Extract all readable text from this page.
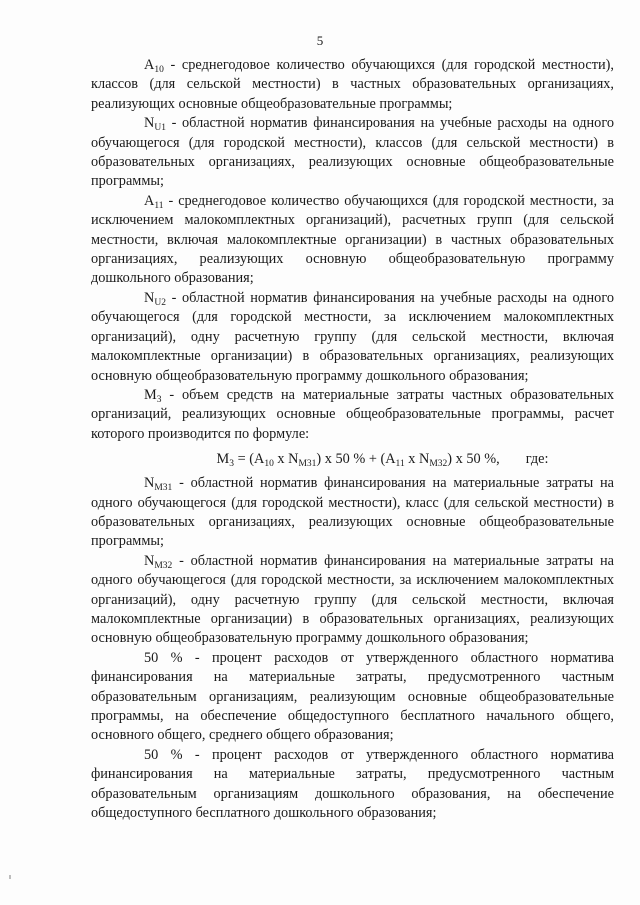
5

$A_{10}$ - среднегодовое количество обучающихся (для городской местности), классов (для сельской местности) в частных образовательных организациях, реализующих основные общеобразовательные программы;

$N_{U1}$ - областной норматив финансирования на учебные расходы на одного обучающегося (для городской местности), классов (для сельской местности) в образовательных организациях, реализующих основные общеобразовательные программы;

$A_{11}$ - среднегодовое количество обучающихся (для городской местности, за исключением малокомплектных организаций), расчетных групп (для сельской местности, включая малокомплектные организации) в частных образовательных организациях, реализующих основную общеобразовательную программу дошкольного образования;

$N_{U2}$ - областной норматив финансирования на учебные расходы на одного обучающегося (для городской местности, за исключением малокомплектных организаций), одну расчетную группу (для сельской местности, включая малокомплектные организации) в образовательных организациях, реализующих основную общеобразовательную программу дошкольного образования;

$M_3$ - объем средств на материальные затраты частных образовательных организаций, реализующих основные общеобразовательные программы, расчет которого производится по формуле:

$M_3 = (A_{10}$ x $N_{M31}$) x 50 % + ($A_{11}$ x $N_{M32}$) x 50 %, где:

$N_{M31}$ - областной норматив финансирования на материальные затраты на одного обучающегося (для городской местности), класс (для сельской местности) в образовательных организациях, реализующих основные общеобразовательные программы;

$N_{M32}$ - областной норматив финансирования на материальные затраты на одного обучающегося (для городской местности, за исключением малокомплектных организаций), одну расчетную группу (для сельской местности, включая малокомплектные организации) в образовательных организациях, реализующих основную общеобразовательную программу дошкольного образования;

50 % - процент расходов от утвержденного областного норматива финансирования на материальные затраты, предусмотренного частным образовательным организациям, реализующим основные общеобразовательные программы, на обеспечение общедоступного бесплатного начального общего, основного общего, среднего общего образования;

50 % - процент расходов от утвержденного областного норматива финансирования на материальные затраты, предусмотренного частным образовательным организациям дошкольного образования, на обеспечение общедоступного бесплатного дошкольного образования;
